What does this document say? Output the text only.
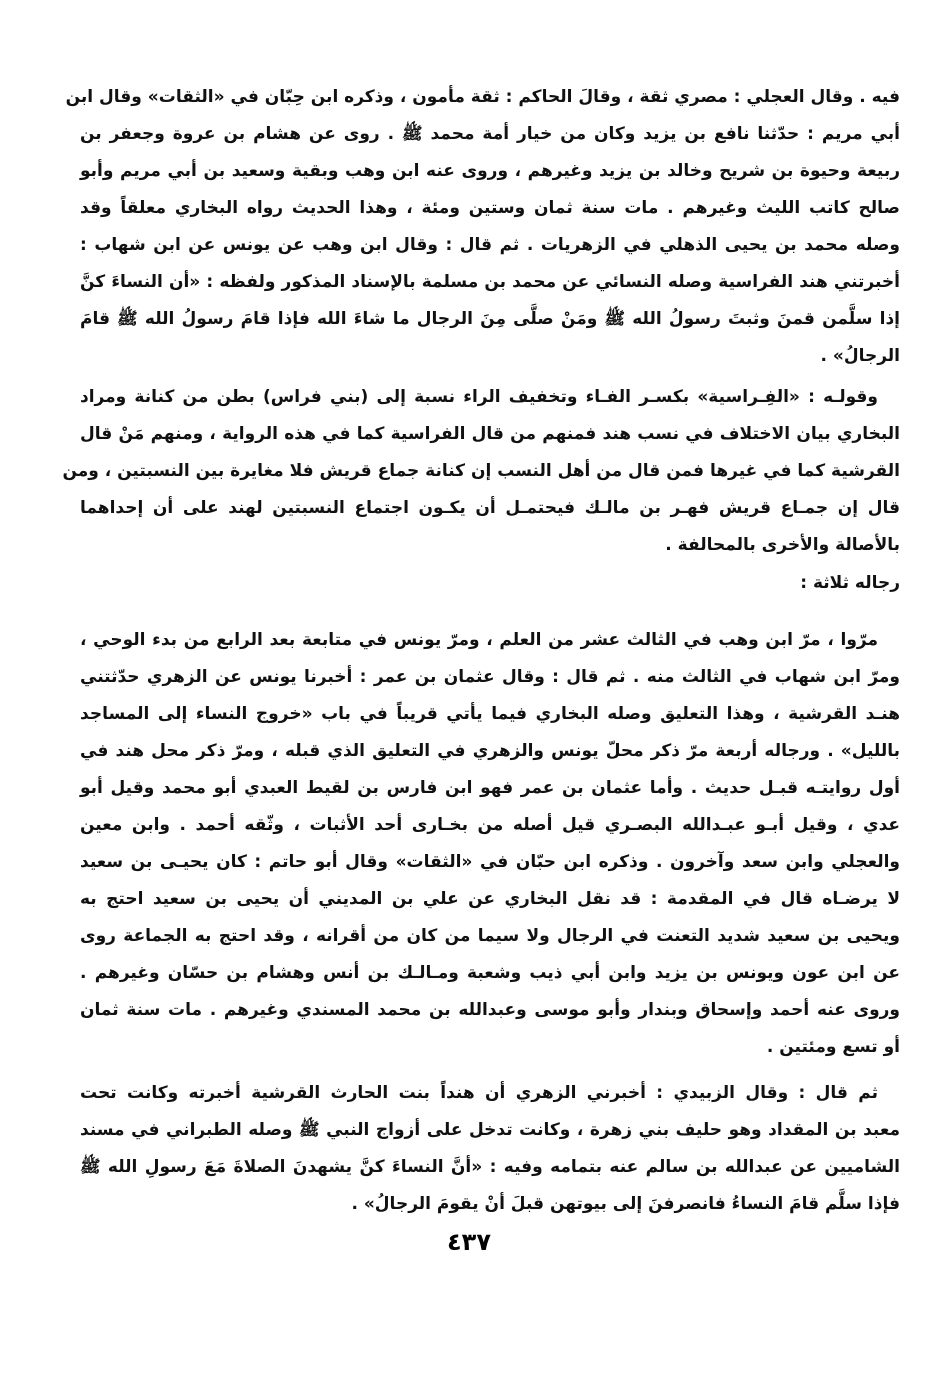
فيه . وقال العجلي : مصري ثقة ، وقالَ الحاكم : ثقة مأمون ، وذكره ابن حِبّان في «الثقات» وقال ابن
أبي مريم : حدّثنا نافع بن يزيد وكان من خيار أمة محمد ﷺ . روى عن هشام بن عروة وجعفر بن
ربيعة وحيوة بن شريح وخالد بن يزيد وغيرهم ، وروى عنه ابن وهب وبقية وسعيد بن أبي مريم وأبو
صالح كاتب الليث وغيرهم . مات سنة ثمان وستين ومئة ، وهذا الحديث رواه البخاري معلقاً وقد
وصله محمد بن يحيى الذهلي في الزهريات . ثم قال : وقال ابن وهب عن يونس عن ابن شهاب :
أخبرتني هند الفراسية وصله النسائي عن محمد بن مسلمة بالإسناد المذكور ولفظه : «أن النساءَ كنَّ
إذا سلَّمن قمنَ وثبتَ رسولُ الله ﷺ ومَنْ صلَّى مِنَ الرجال ما شاءَ الله فإذا قامَ رسولُ الله ﷺ قامَ
الرجالُ» .
وقولـه : «الفِـراسية» بكسـر الفـاء وتخفيف الراء نسبة إلى (بني فراس) بطن من كنانة ومراد
البخاري بيان الاختلاف في نسب هند فمنهم من قال الفراسية كما في هذه الرواية ، ومنهم مَنْ قال
القرشية كما في غيرها فمن قال من أهل النسب إن كنانة جماع قريش فلا مغايرة بين النسبتين ، ومن
قال إن جمـاع قريش فهـر بن مالـك فيحتمـل أن يكـون اجتماع النسبتين لهند على أن إحداهما
بالأصالة والأخرى بالمحالفة .
رجاله ثلاثة :
مرّوا ، مرّ ابن وهب في الثالث عشر من العلم ، ومرّ يونس في متابعة بعد الرابع من بدء الوحي ،
ومرّ ابن شهاب في الثالث منه . ثم قال : وقال عثمان بن عمر : أخبرنا يونس عن الزهري حدّثتني
هنـد القرشية ، وهذا التعليق وصله البخاري فيما يأتي قريباً في باب «خروج النساء إلى المساجد
بالليل» . ورجاله أربعة مرّ ذكر محلّ يونس والزهري في التعليق الذي قبله ، ومرّ ذكر محل هند في
أول روايتـه قبـل حديث . وأما عثمان بن عمر فهو ابن فارس بن لقيط العبدي أبو محمد وقيل أبو
عدي ، وقيل أبـو عبـدالله البصـري قيل أصله من بخـارى أحد الأثبات ، وثّقه أحمد . وابن معين
والعجلي وابن سعد وآخرون . وذكره ابن حبّان في «الثقات» وقال أبو حاتم : كان يحيـى بن سعيد
لا يرضـاه قال في المقدمة : قد نقل البخاري عن علي بن المديني أن يحيى بن سعيد احتج به
ويحيى بن سعيد شديد التعنت في الرجال ولا سيما من كان من أقرانه ، وقد احتج به الجماعة روى
عن ابن عون ويونس بن يزيد وابن أبي ذيب وشعبة ومـالـك بن أنس وهشام بن حسّان وغيرهم .
وروى عنه أحمد وإسحاق وبندار وأبو موسى وعبدالله بن محمد المسندي وغيرهم . مات سنة ثمان
أو تسع ومئتين .
ثم قال : وقال الزبيدي : أخبرني الزهري أن هنداً بنت الحارث القرشية أخبرته وكانت تحت
معبد بن المقداد وهو حليف بني زهرة ، وكانت تدخل على أزواج النبي ﷺ وصله الطبراني في مسند
الشاميين عن عبدالله بن سالم عنه بتمامه وفيه : «أنَّ النساءَ كنَّ يشهدنَ الصلاةَ مَعَ رسولِ الله ﷺ
فإذا سلَّم قامَ النساءُ فانصرفنَ إلى بيوتهن قبلَ أنْ يقومَ الرجالُ» .
٤٣٧
